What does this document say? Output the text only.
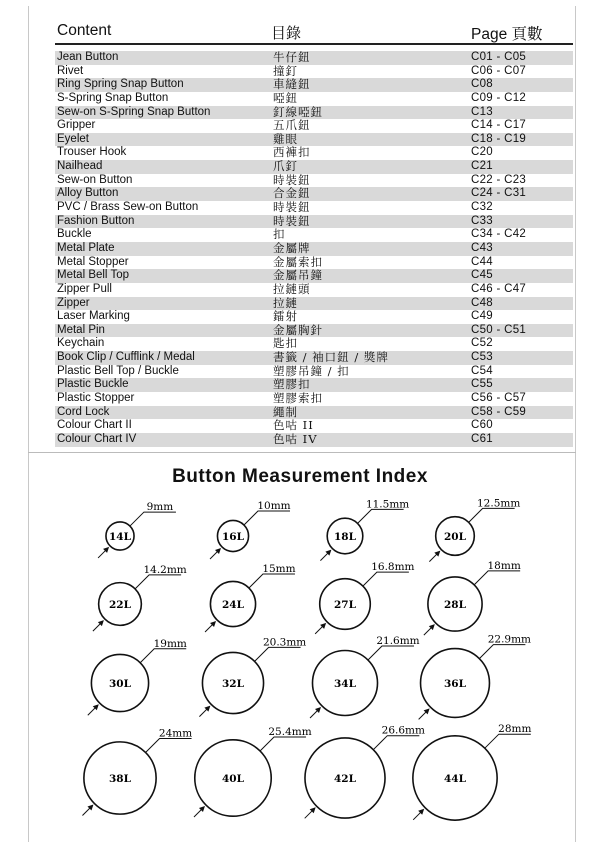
Content	目錄	Page 頁數
Jean Button	牛仔鈕	C01 - C05
Rivet	撞釘	C06 - C07
Ring Spring Snap Button	車縫鈕	C08
S-Spring Snap Button	啞鈕	C09 - C12
Sew-on S-Spring Snap Button	釘線啞鈕	C13
Gripper	五爪鈕	C14 - C17
Eyelet	雞眼	C18 - C19
Trouser Hook	西褲扣	C20
Nailhead	爪釘	C21
Sew-on Button	時裝鈕	C22 - C23
Alloy Button	合金鈕	C24 - C31
PVC / Brass Sew-on Button	時裝鈕	C32
Fashion Button	時裝鈕	C33
Buckle	扣	C34 - C42
Metal Plate	金屬牌	C43
Metal Stopper	金屬索扣	C44
Metal Bell Top	金屬吊鐘	C45
Zipper Pull	拉鏈頭	C46 - C47
Zipper	拉鏈	C48
Laser Marking	鐳射	C49
Metal Pin	金屬胸針	C50 - C51
Keychain	匙扣	C52
Book Clip / Cufflink / Medal	書籤 / 袖口鈕 / 獎牌	C53
Plastic Bell Top / Buckle	塑膠吊鐘 / 扣	C54
Plastic Buckle	塑膠扣	C55
Plastic Stopper	塑膠索扣	C56 - C57
Cord Lock	繩制	C58 - C59
Colour Chart II	色咕 II	C60
Colour Chart IV	色咕 IV	C61
Button Measurement Index
14L
9mm
16L
10mm
18L
11.5mm
20L
12.5mm
22L
14.2mm
24L
15mm
27L
16.8mm
28L
18mm
30L
19mm
32L
20.3mm
34L
21.6mm
36L
22.9mm
38L
24mm
40L
25.4mm
42L
26.6mm
44L
28mm
